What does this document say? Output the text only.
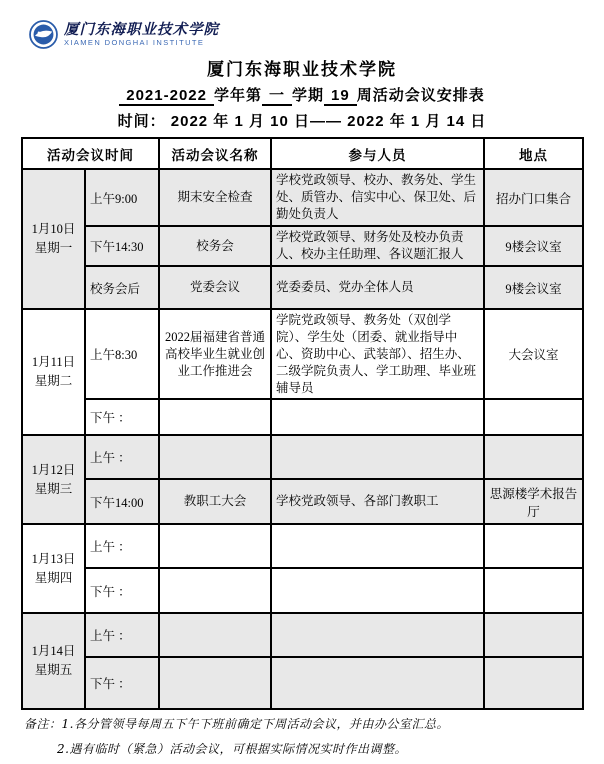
厦门东海职业技术学院
XIAMEN DONGHAI INSTITUTE
厦门东海职业技术学院
2021-2022 学年第 一 学期 19 周活动会议安排表
时间： 2022 年 1 月 10 日—— 2022 年 1 月 14 日
活动会议时间		活动会议名称	参与人员	地点

1月10日
星期一	上午9:00	期末安全检查	学校党政领导、校办、教务处、学生处、质管办、信实中心、保卫处、后勤处负责人	招办门口集合
	下午14:30	校务会	学校党政领导、财务处及校办负责人、校办主任助理、各议题汇报人	9楼会议室
	校务会后	党委会议	党委委员、党办全体人员	9楼会议室

1月11日
星期二	上午8:30	2022届福建省普通高校毕业生就业创业工作推进会	学院党政领导、教务处（双创学院）、学生处（团委、就业指导中心、资助中心、武装部）、招生办、二级学院负责人、学工助理、毕业班辅导员	大会议室
	下午 ：			

1月12日
星期三	上午 ：			
	下午14:00	教职工大会	学校党政领导、各部门教职工	思源楼学术报告厅

1月13日
星期四	上午 ：			
	下午 ：			

1月14日
星期五	上午 ：			
	下午 ：			
备注：1.各分管领导每周五下午下班前确定下周活动会议，并由办公室汇总。
2.遇有临时（紧急）活动会议，可根据实际情况实时作出调整。
